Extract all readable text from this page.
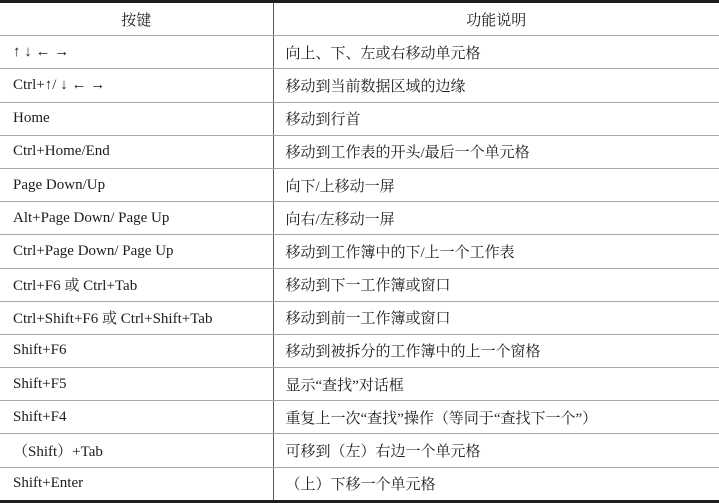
按键	功能说明
↑ ↓ ← →	向上、下、左或右移动单元格
Ctrl+↑/ ↓ ← →	移动到当前数据区域的边缘
Home	移动到行首
Ctrl+Home/End	移动到工作表的开头/最后一个单元格
Page Down/Up	向下/上移动一屏
Alt+Page Down/ Page Up	向右/左移动一屏
Ctrl+Page Down/ Page Up	移动到工作簿中的下/上一个工作表
Ctrl+F6 或 Ctrl+Tab	移动到下一工作簿或窗口
Ctrl+Shift+F6 或 Ctrl+Shift+Tab	移动到前一工作簿或窗口
Shift+F6	移动到被拆分的工作簿中的上一个窗格
Shift+F5	显示“查找”对话框
Shift+F4	重复上一次“查找”操作（等同于“查找下一个”）
（Shift）+Tab	可移到（左）右边一个单元格
Shift+Enter	（上）下移一个单元格
